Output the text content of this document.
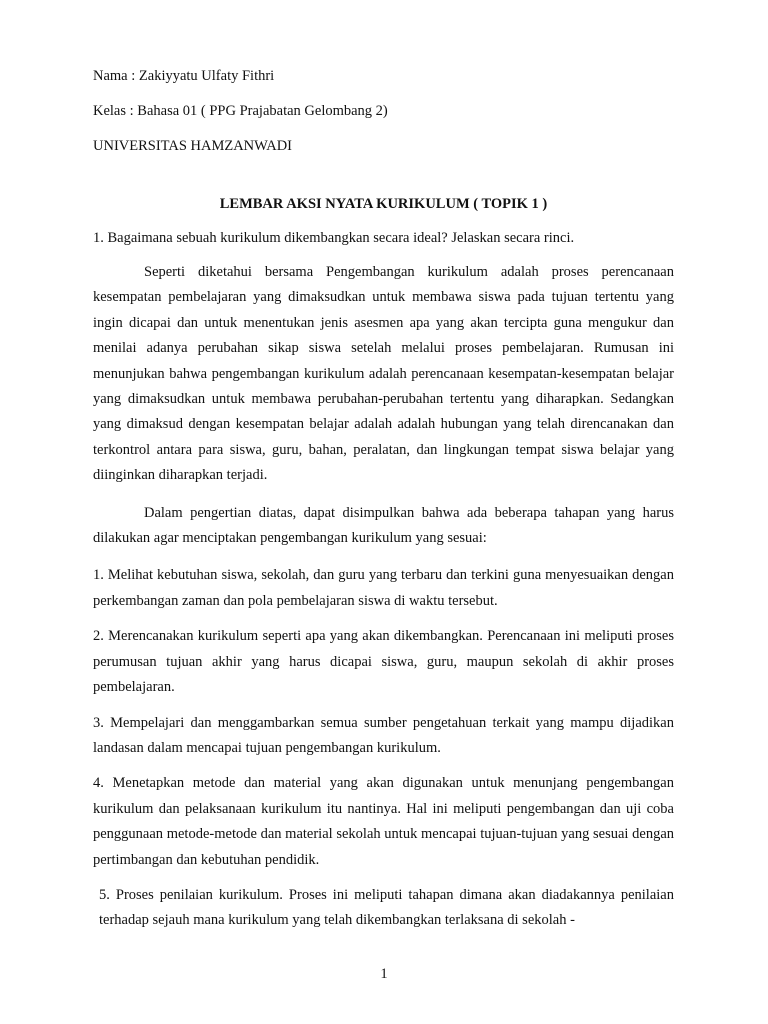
Nama : Zakiyyatu Ulfaty Fithri

Kelas : Bahasa 01 ( PPG Prajabatan Gelombang 2)

UNIVERSITAS HAMZANWADI

LEMBAR AKSI NYATA KURIKULUM ( TOPIK 1 )

1. Bagaimana sebuah kurikulum dikembangkan secara ideal? Jelaskan secara rinci.

Seperti diketahui bersama Pengembangan kurikulum adalah proses perencanaan kesempatan pembelajaran yang dimaksudkan untuk membawa siswa pada tujuan tertentu yang ingin dicapai dan untuk menentukan jenis asesmen apa yang akan tercipta guna mengukur dan menilai adanya perubahan sikap siswa setelah melalui proses pembelajaran. Rumusan ini menunjukan bahwa pengembangan kurikulum adalah perencanaan kesempatan-kesempatan belajar yang dimaksudkan untuk membawa perubahan-perubahan tertentu yang diharapkan. Sedangkan yang dimaksud dengan kesempatan belajar adalah adalah hubungan yang telah direncanakan dan terkontrol antara para siswa, guru, bahan, peralatan, dan lingkungan tempat siswa belajar yang diinginkan diharapkan terjadi.

Dalam pengertian diatas, dapat disimpulkan bahwa ada beberapa tahapan yang harus dilakukan agar menciptakan pengembangan kurikulum yang sesuai:

1. Melihat kebutuhan siswa, sekolah, dan guru yang terbaru dan terkini guna menyesuaikan dengan perkembangan zaman dan pola pembelajaran siswa di waktu tersebut.

2. Merencanakan kurikulum seperti apa yang akan dikembangkan. Perencanaan ini meliputi proses perumusan tujuan akhir yang harus dicapai siswa, guru, maupun sekolah di akhir proses pembelajaran.

3. Mempelajari dan menggambarkan semua sumber pengetahuan terkait yang mampu dijadikan landasan dalam mencapai tujuan pengembangan kurikulum.

4. Menetapkan metode dan material yang akan digunakan untuk menunjang pengembangan kurikulum dan pelaksanaan kurikulum itu nantinya. Hal ini meliputi pengembangan dan uji coba penggunaan metode-metode dan material sekolah untuk mencapai tujuan-tujuan yang sesuai dengan pertimbangan dan kebutuhan pendidik.

5. Proses penilaian kurikulum. Proses ini meliputi tahapan dimana akan diadakannya penilaian terhadap sejauh mana kurikulum yang telah dikembangkan terlaksana di sekolah -

1
